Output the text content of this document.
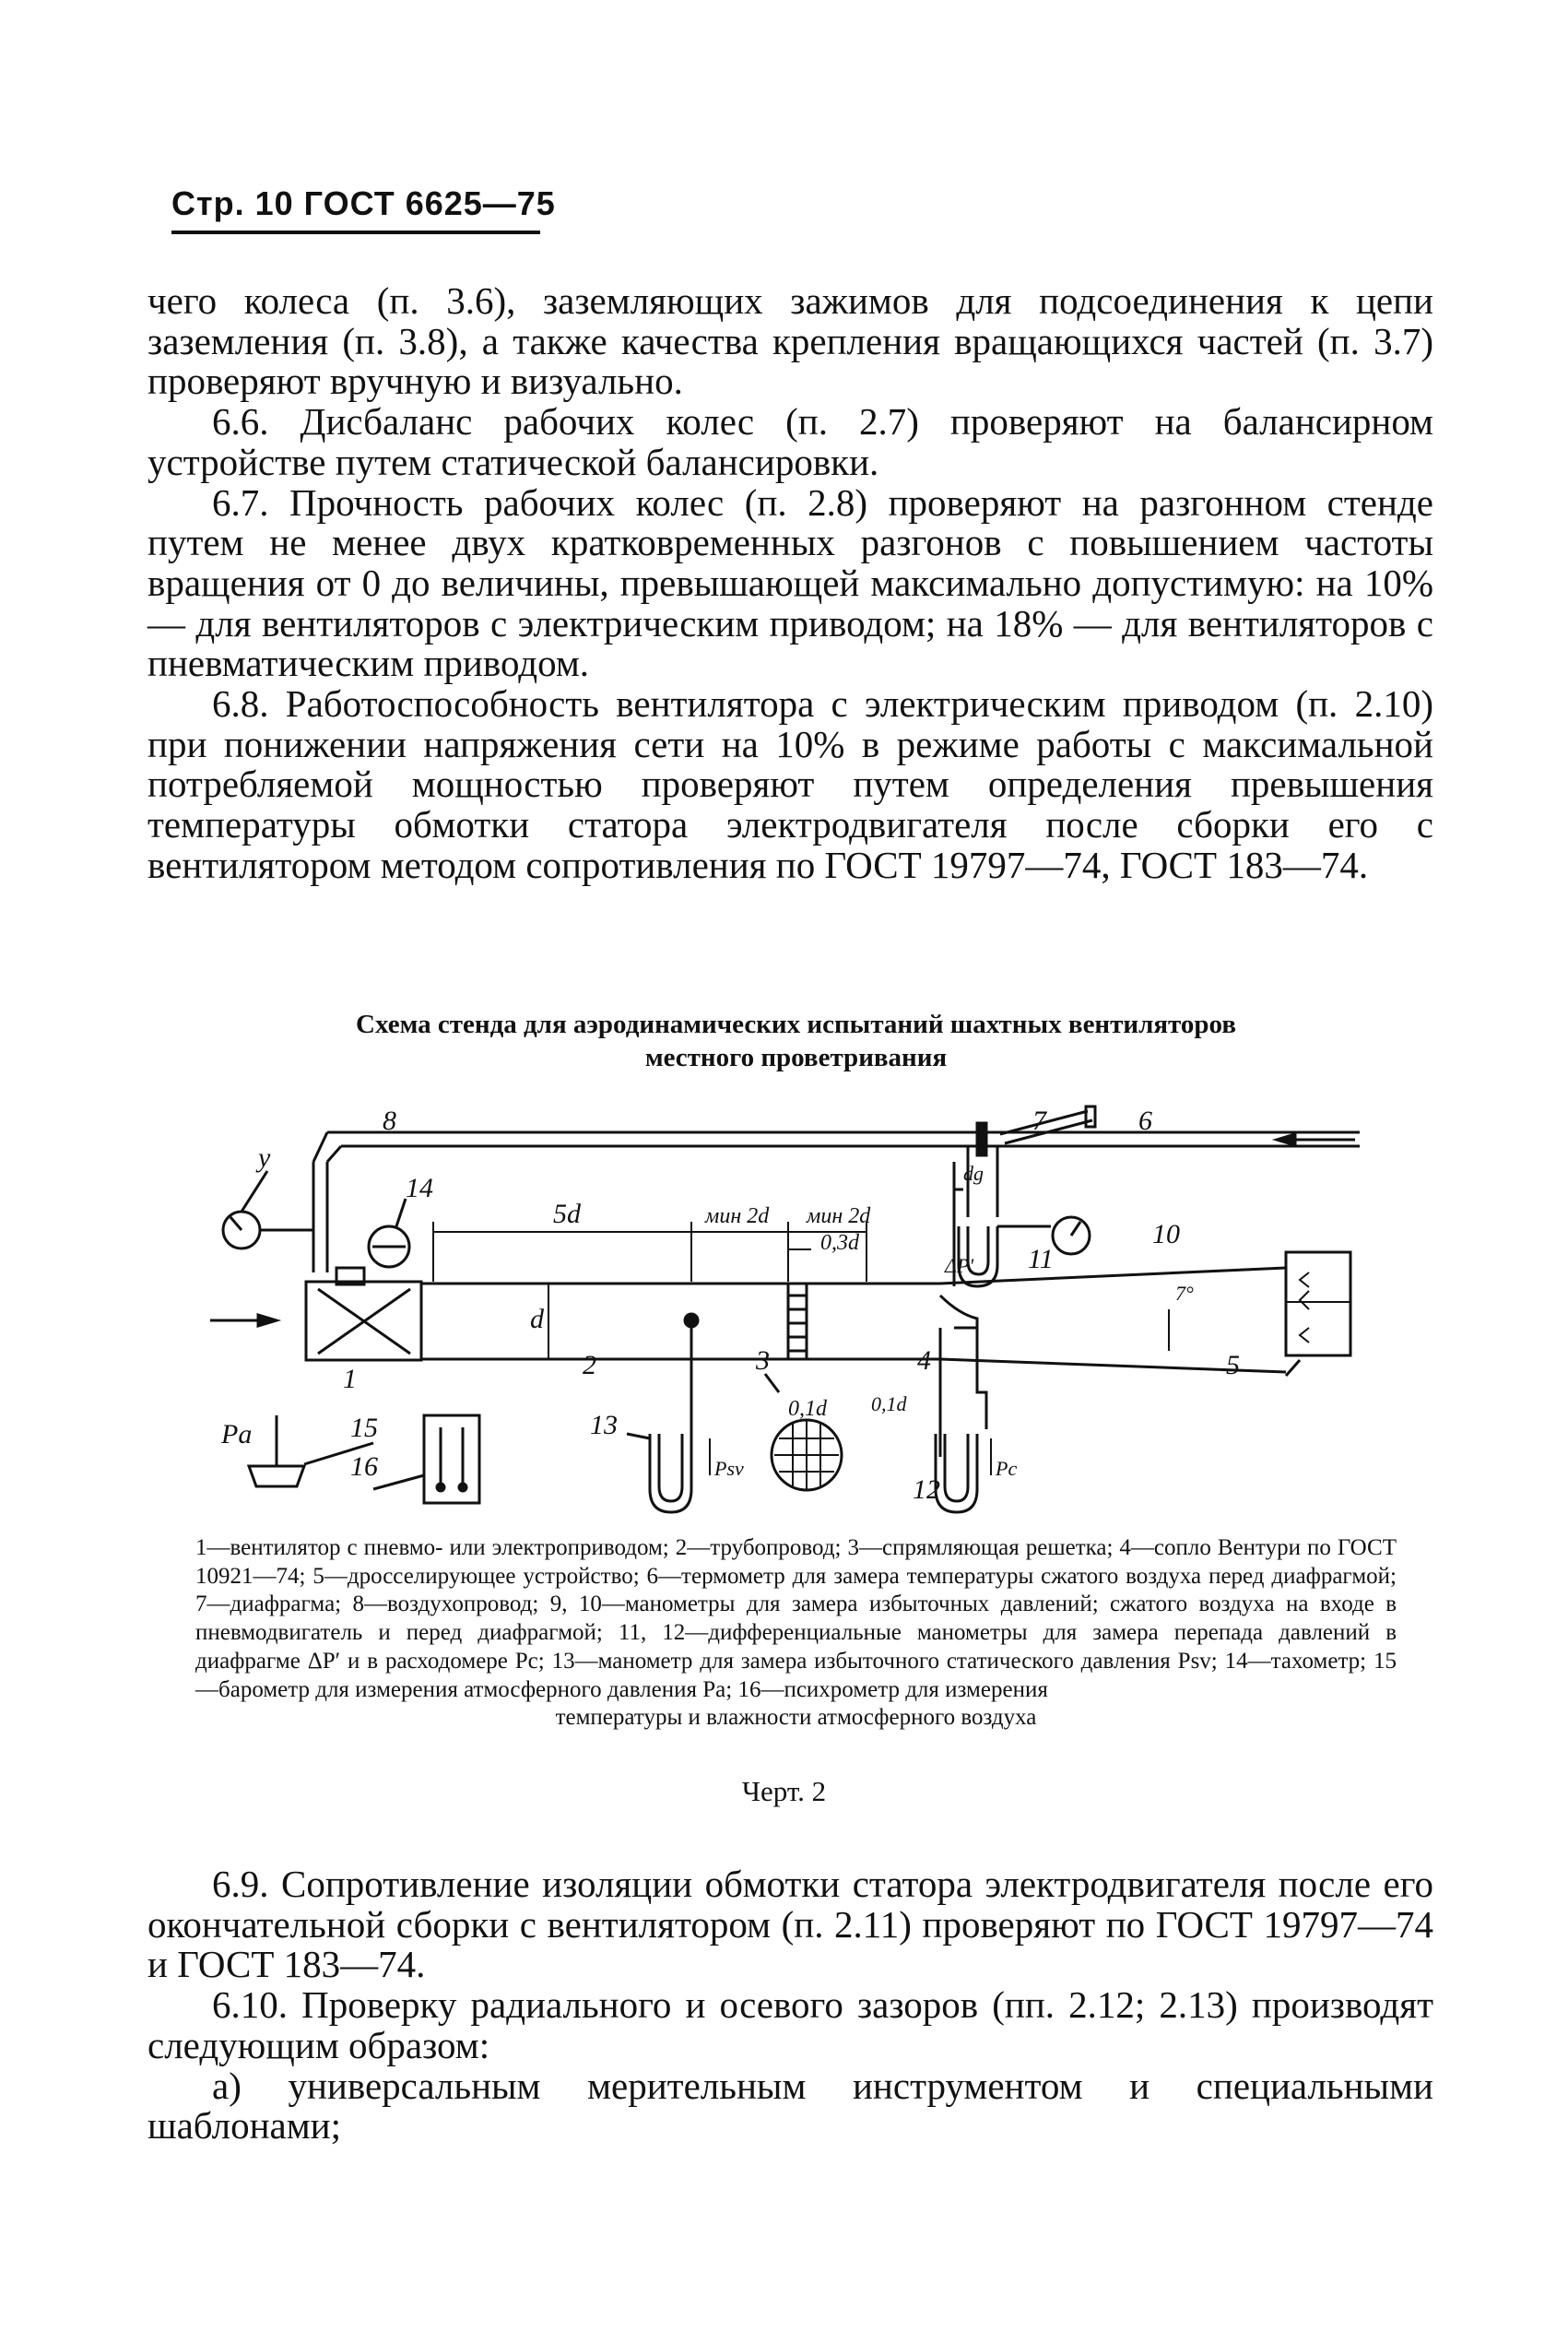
Стр. 10 ГОСТ 6625—75

чего колеса (п. 3.6), заземляющих зажимов для подсоединения к цепи заземления (п. 3.8), а также качества крепления вращающихся частей (п. 3.7) проверяют вручную и визуально.

6.6. Дисбаланс рабочих колес (п. 2.7) проверяют на балансирном устройстве путем статической балансировки.

6.7. Прочность рабочих колес (п. 2.8) проверяют на разгонном стенде путем не менее двух кратковременных разгонов с повышением частоты вращения от 0 до величины, превышающей максимально допустимую: на 10% — для вентиляторов с электрическим приводом; на 18% — для вентиляторов с пневматическим приводом.

6.8. Работоспособность вентилятора с электрическим приводом (п. 2.10) при понижении напряжения сети на 10% в режиме работы с максимальной потребляемой мощностью проверяют путем определения превышения температуры обмотки статора электродвигателя после сборки его с вентилятором методом сопротивления по ГОСТ 19797—74, ГОСТ 183—74.

Схема стенда для аэродинамических испытаний шахтных вентиляторов
местного проветривания
8
у
7	6
14
5d	мин 2d мин 2d
0,3d
dg
ΔP' 11
10
d
2	3	4
7°
5
1
0,1d 0,1d
Pa	15
16
13
Psv	Pc
12

1—вентилятор с пневмо- или электроприводом; 2—трубопровод; 3—спрямляющая решетка; 4—сопло Вентури по ГОСТ 10921—74; 5—дросселирующее устройство; 6—термометр для замера температуры сжатого воздуха перед диафрагмой; 7—диафрагма; 8—воздухопровод; 9, 10—манометры для замера избыточных давлений; сжатого воздуха на входе в пневмодвигатель и перед диафрагмой; 11, 12—дифференциальные манометры для замера перепада давлений в диафрагме ΔP′ и в расходомере Pc; 13—манометр для замера избыточного статического давления Psv; 14—тахометр; 15—барометр для измерения атмосферного давления Pa; 16—психрометр для измерения

температуры и влажности атмосферного воздуха

Черт. 2

6.9. Сопротивление изоляции обмотки статора электродвигателя после его окончательной сборки с вентилятором (п. 2.11) проверяют по ГОСТ 19797—74 и ГОСТ 183—74.

6.10. Проверку радиального и осевого зазоров (пп. 2.12; 2.13) производят следующим образом:

а) универсальным мерительным инструментом и специальными шаблонами;
